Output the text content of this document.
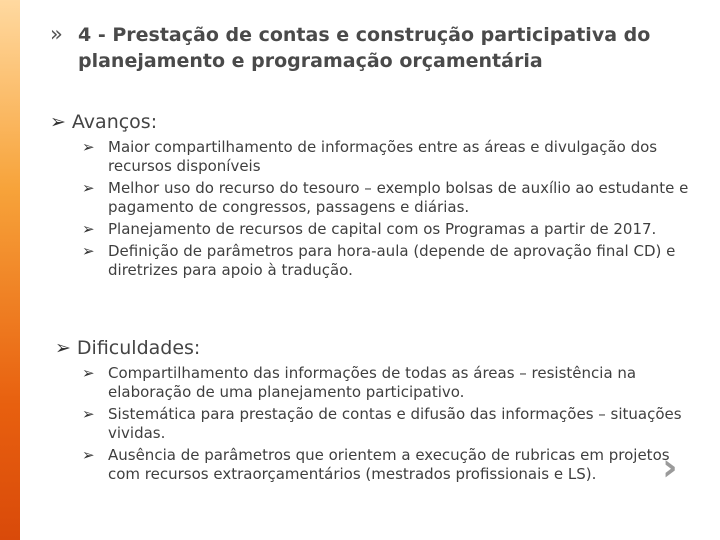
» 4 - Prestação de contas e construção participativa do planejamento e programação orçamentária
➢ Avanços:
➢ Maior compartilhamento de informações entre as áreas e divulgação dos recursos disponíveis
➢ Melhor uso do recurso do tesouro – exemplo bolsas de auxílio ao estudante e pagamento de congressos, passagens e diárias.
➢ Planejamento de recursos de capital com os Programas a partir de 2017.
➢ Definição de parâmetros para hora-aula (depende de aprovação final CD) e diretrizes para apoio à tradução.
➢ Dificuldades:
➢ Compartilhamento das informações de todas as áreas – resistência na elaboração de uma planejamento participativo.
➢ Sistemática para prestação de contas e difusão das informações – situações vividas.
➢ Ausência de parâmetros que orientem a execução de rubricas em projetos com recursos extraorçamentários (mestrados profissionais e LS).	›
